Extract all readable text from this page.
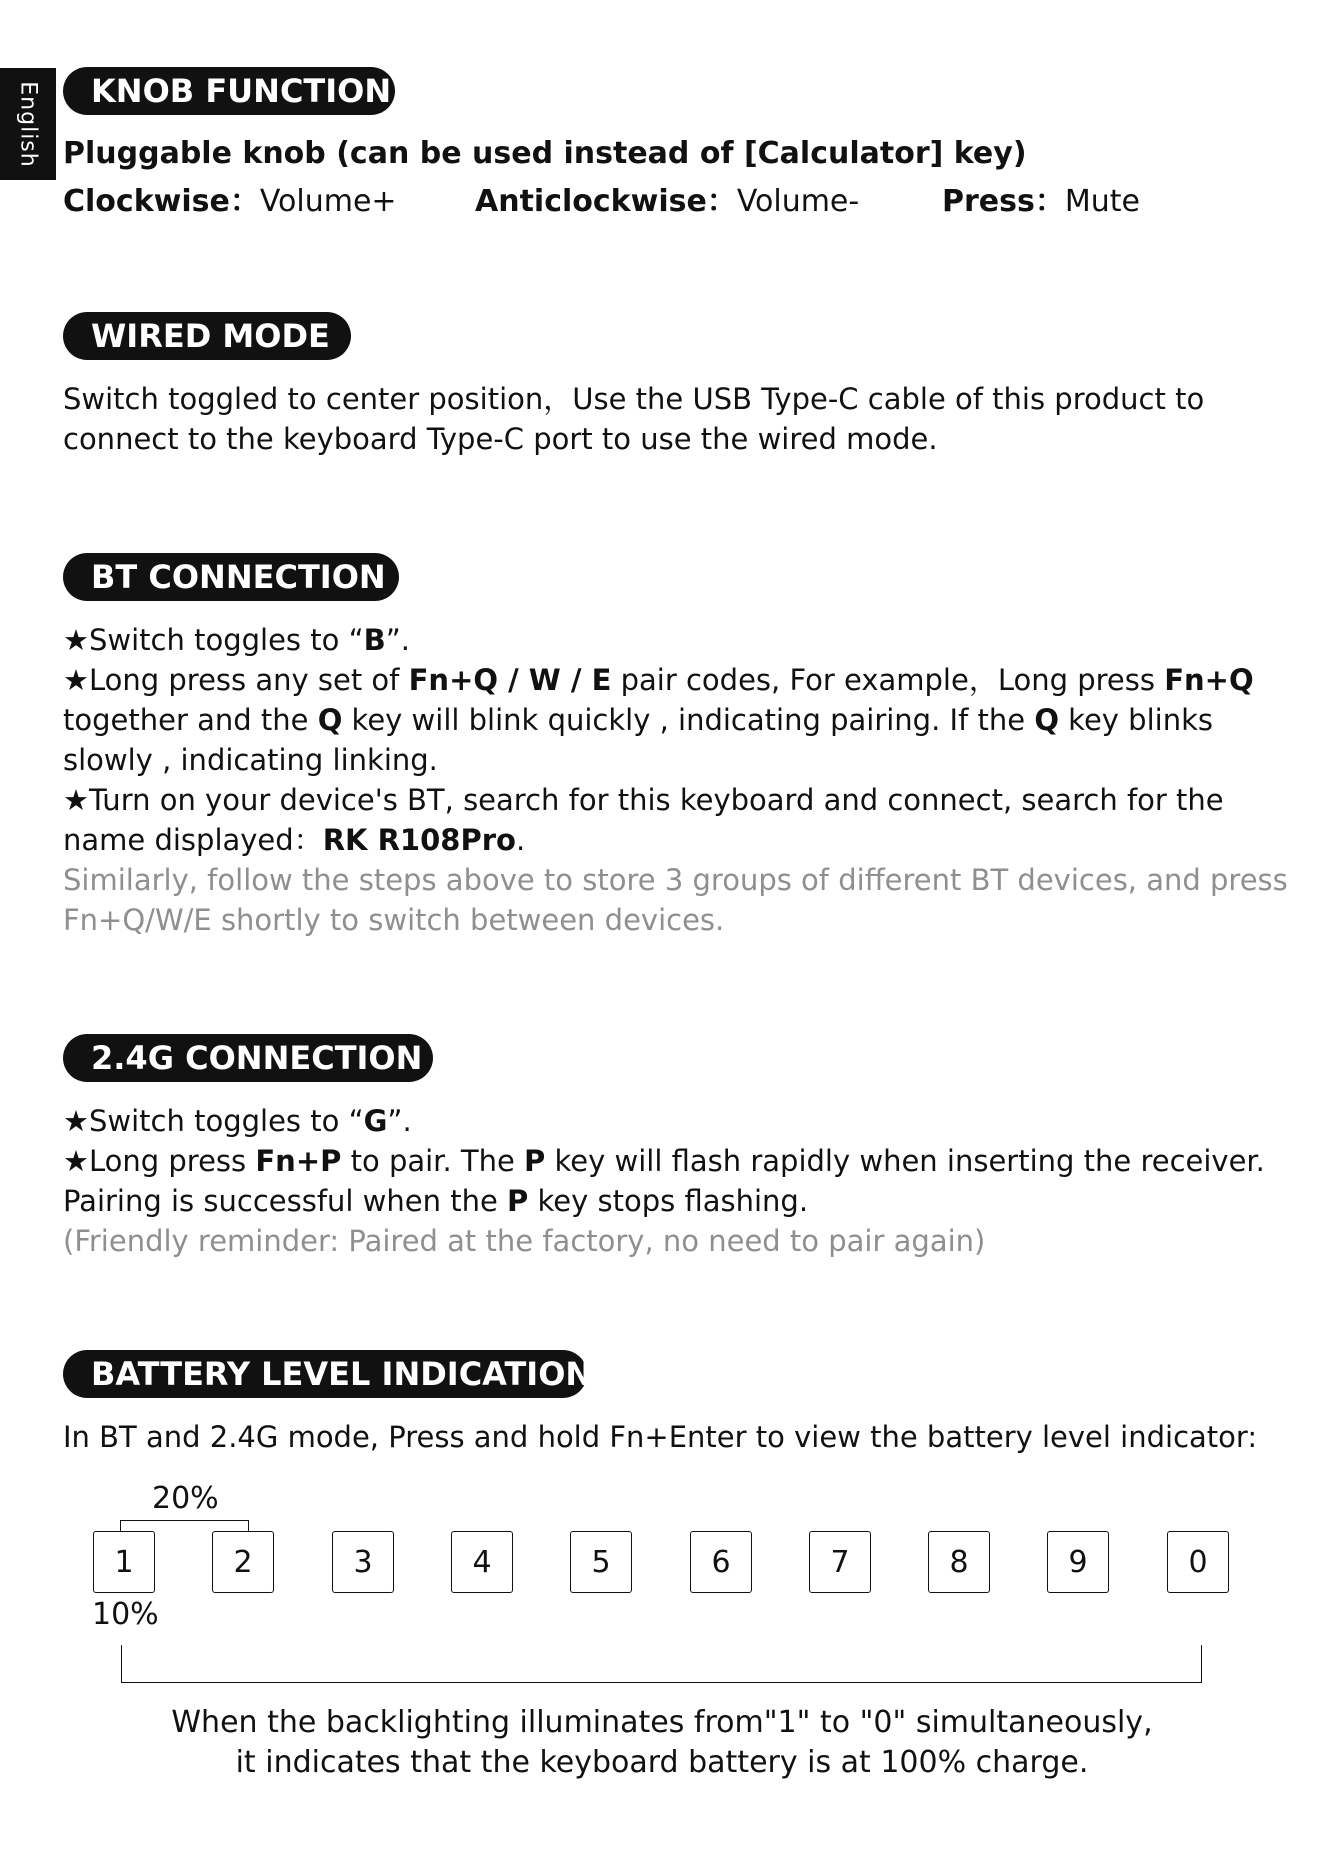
English	KNOB FUNCTION
Pluggable knob (can be used instead of [Calculator] key)
Clockwise：Volume+	Anticlockwise：Volume-	Press：Mute
WIRED MODE
Switch toggled to center position，Use the USB Type-C cable of this product to
connect to the keyboard Type-C port to use the wired mode.
BT CONNECTION
★Switch toggles to “B”.
★Long press any set of Fn+Q / W / E pair codes, For example，Long press Fn+Q
together and the Q key will blink quickly , indicating pairing. If the Q key blinks
slowly , indicating linking.
★Turn on your device's BT, search for this keyboard and connect, search for the
name displayed：RK R108Pro.
Similarly, follow the steps above to store 3 groups of different BT devices, and press
Fn+Q/W/E shortly to switch between devices.
2.4G CONNECTION
★Switch toggles to “G”.
★Long press Fn+P to pair. The P key will flash rapidly when inserting the receiver.
Pairing is successful when the P key stops flashing.
(Friendly reminder: Paired at the factory, no need to pair again)
BATTERY LEVEL INDICATION
In BT and 2.4G mode, Press and hold Fn+Enter to view the battery level indicator:
20%
1	2	3	4	5	6	7	8	9	0
10%
When the backlighting illuminates from"1" to "0" simultaneously,
it indicates that the keyboard battery is at 100% charge.
